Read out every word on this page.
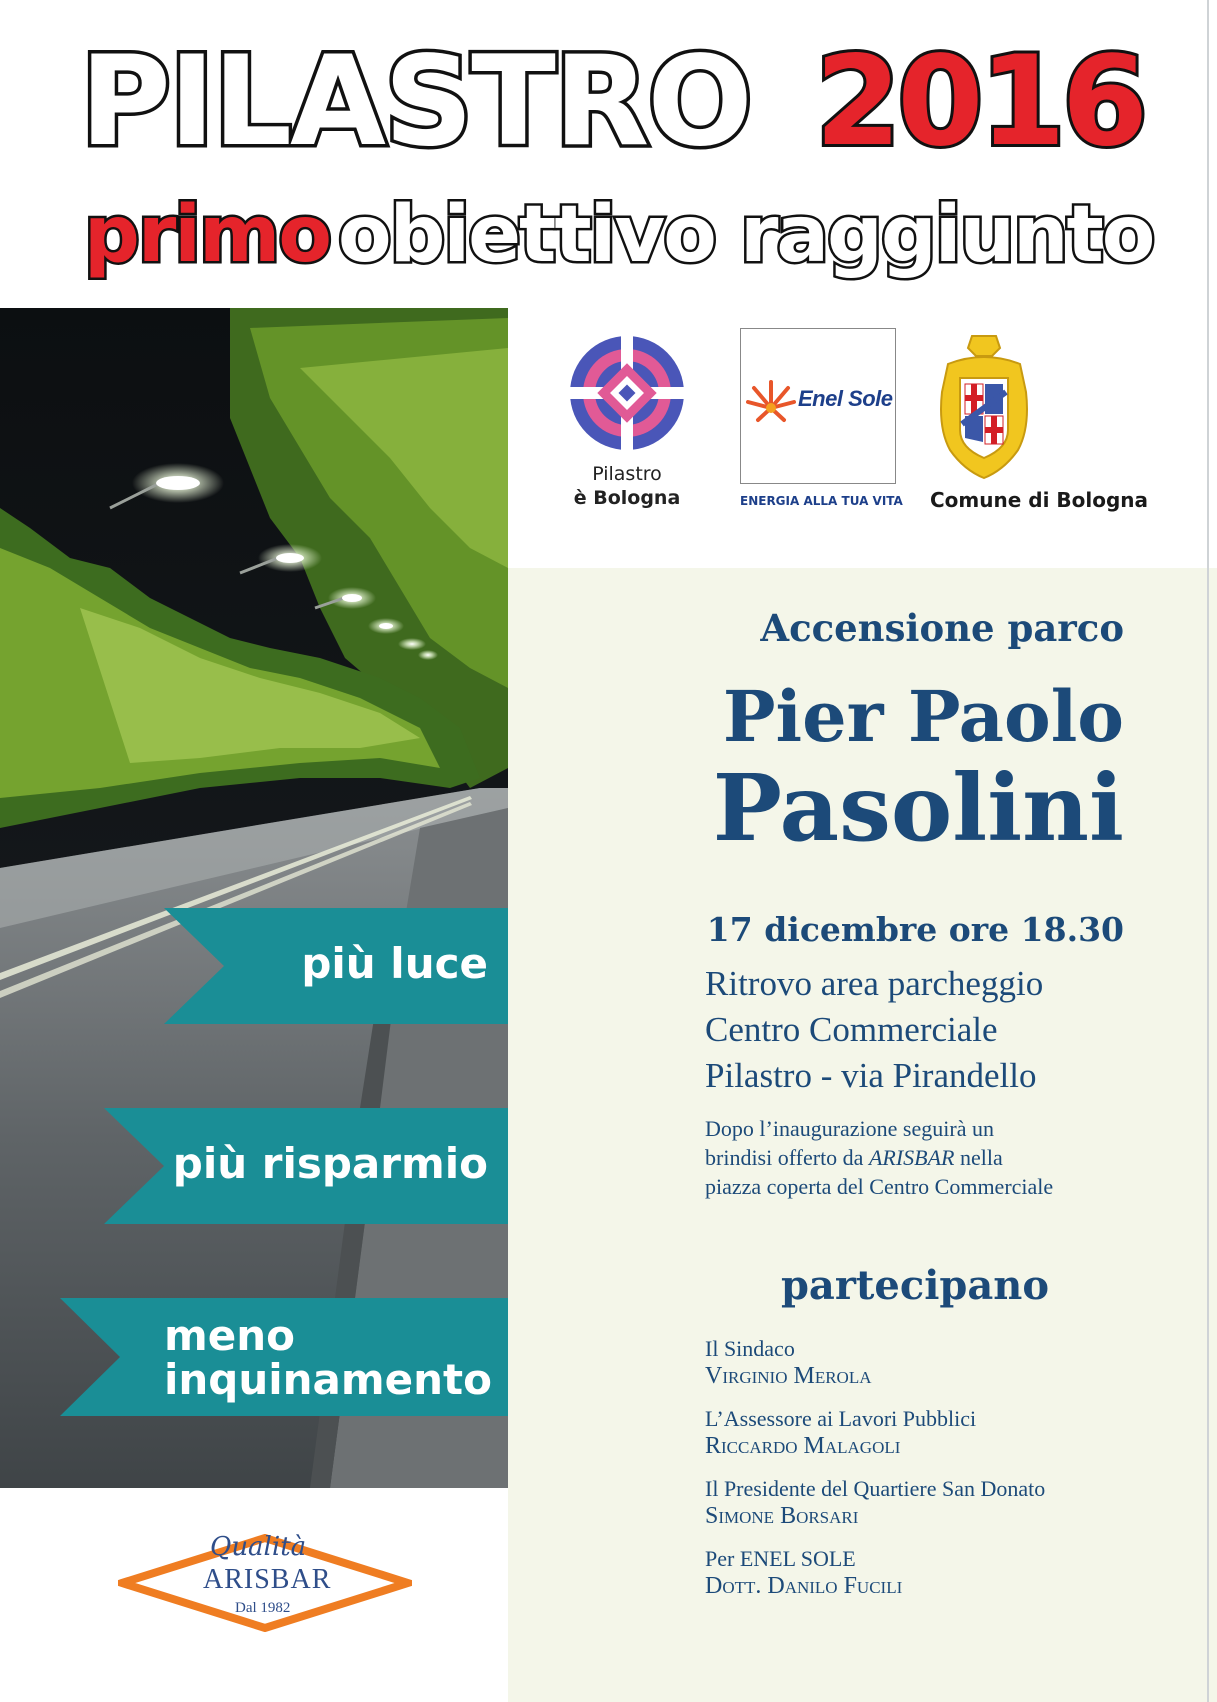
PILASTRO 2016
primo obiettivo raggiunto
più luce
più risparmio
meno
inquinamento
Pilastro
è Bologna
Enel Sole
ENERGIA ALLA TUA VITA Comune di Bologna
Accensione parco
Pier Paolo
Pasolini
17 dicembre ore 18.30
Ritrovo area parcheggio
Centro Commerciale
Pilastro - via Pirandello
Dopo l’inaugurazione seguirà un
brindisi offerto da ARISBAR nella
piazza coperta del Centro Commerciale
partecipano
Il Sindaco
Virginio Merola
L’Assessore ai Lavori Pubblici
Riccardo Malagoli
Il Presidente del Quartiere San Donato
Simone Borsari
Per ENEL SOLE
Dott. Danilo Fucili
Qualità
ARISBAR
Dal 1982
